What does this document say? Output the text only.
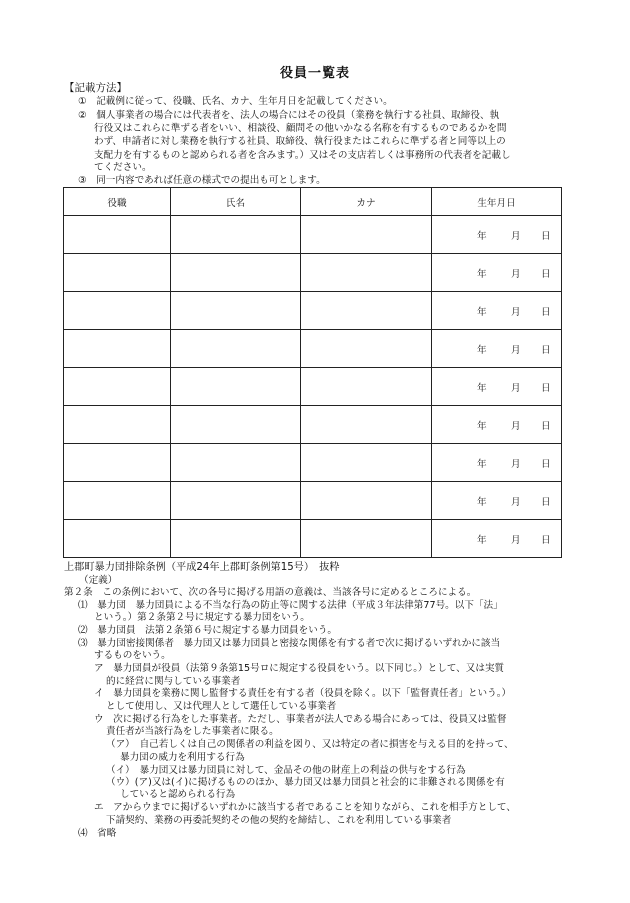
役員一覧表
【記載方法】
①　記載例に従って、役職、氏名、カナ、生年月日を記載してください。
②　個人事業者の場合には代表者を、法人の場合にはその役員（業務を執行する社員、取締役、執
行役又はこれらに準ずる者をいい、相談役、顧問その他いかなる名称を有するものであるかを問
わず、申請者に対し業務を執行する社員、取締役、執行役またはこれらに準ずる者と同等以上の
支配力を有するものと認められる者を含みます。）又はその支店若しくは事務所の代表者を記載し
てください。
③　同一内容であれば任意の様式での提出も可とします。
役職	氏名	カナ	生年月日

			年 月 日

			年 月 日

			年 月 日

			年 月 日

			年 月 日

			年 月 日

			年 月 日

			年 月 日

			年 月 日
上郡町暴力団排除条例（平成24年上郡町条例第15号）　抜粋
（定義）
第２条　この条例において、次の各号に掲げる用語の意義は、当該各号に定めるところによる。
⑴　暴力団　暴力団員による不当な行為の防止等に関する法律（平成３年法律第77号。以下「法」
という。）第２条第２号に規定する暴力団をいう。
⑵　暴力団員　法第２条第６号に規定する暴力団員をいう。
⑶　暴力団密接関係者　暴力団又は暴力団員と密接な関係を有する者で次に掲げるいずれかに該当
するものをいう。
ア　暴力団員が役員（法第９条第15号ロに規定する役員をいう。以下同じ。）として、又は実質
的に経営に関与している事業者
イ　暴力団員を業務に関し監督する責任を有する者（役員を除く。以下「監督責任者」という。）
として使用し、又は代理人として選任している事業者
ウ　次に掲げる行為をした事業者。ただし、事業者が法人である場合にあっては、役員又は監督
責任者が当該行為をした事業者に限る。
（ア）　自己若しくは自己の関係者の利益を図り、又は特定の者に損害を与える目的を持って、
暴力団の威力を利用する行為
（イ）　暴力団又は暴力団員に対して、金品その他の財産上の利益の供与をする行為
（ウ）(ア)又は(イ)に掲げるもののほか、暴力団又は暴力団員と社会的に非難される関係を有
していると認められる行為
エ　アからウまでに掲げるいずれかに該当する者であることを知りながら、これを相手方として、
下請契約、業務の再委託契約その他の契約を締結し、これを利用している事業者
⑷　省略
